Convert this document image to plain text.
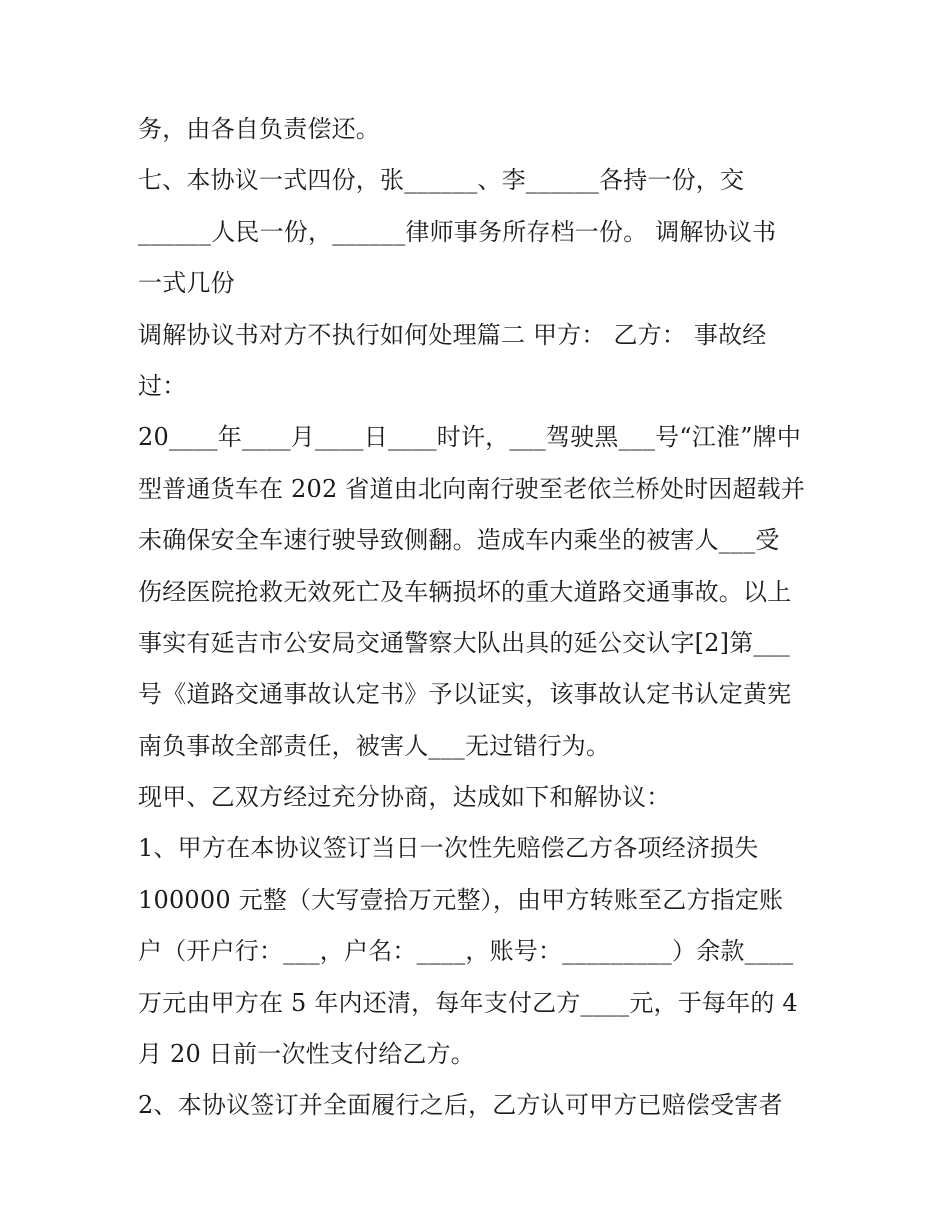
务，由各自负责偿还。

七、本协议一式四份，张______、李______各持一份，交

______人民一份，______律师事务所存档一份。 调解协议书

一式几份

调解协议书对方不执行如何处理篇二 甲方： 乙方： 事故经

过：

20____年____月____日____时许，___驾驶黑___号“江淮”牌中

型普通货车在 202 省道由北向南行驶至老依兰桥处时因超载并

未确保安全车速行驶导致侧翻。造成车内乘坐的被害人___受

伤经医院抢救无效死亡及车辆损坏的重大道路交通事故。以上

事实有延吉市公安局交通警察大队出具的延公交认字[2]第___

号《道路交通事故认定书》予以证实，该事故认定书认定黄宪

南负事故全部责任，被害人___无过错行为。

现甲、乙双方经过充分协商，达成如下和解协议：

1、甲方在本协议签订当日一次性先赔偿乙方各项经济损失

100000 元整（大写壹拾万元整），由甲方转账至乙方指定账

户（开户行：___，户名：____，账号：_________）余款____

万元由甲方在 5 年内还清，每年支付乙方____元，于每年的 4

月 20 日前一次性支付给乙方。

2、本协议签订并全面履行之后，乙方认可甲方已赔偿受害者
